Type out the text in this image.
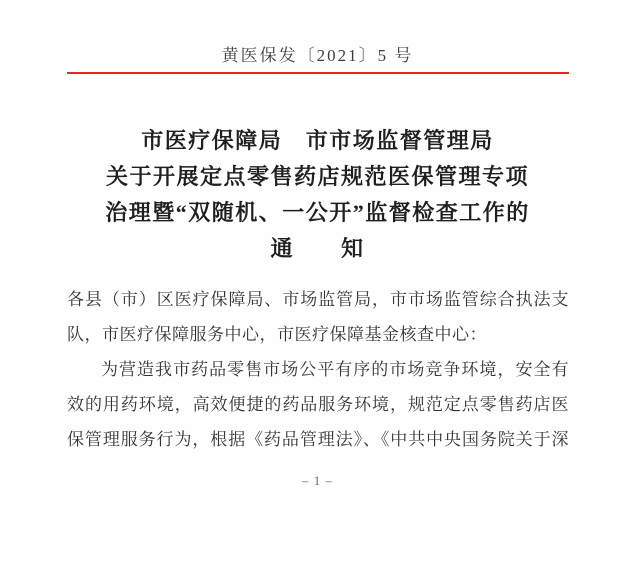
黄医保发〔2021〕5 号
市医疗保障局　市市场监督管理局
关于开展定点零售药店规范医保管理专项
治理暨“双随机、一公开”监督检查工作的
通　　知
各县（市）区医疗保障局、市场监管局，市市场监管综合执法支
队，市医疗保障服务中心，市医疗保障基金核查中心：
为营造我市药品零售市场公平有序的市场竞争环境，安全有
效的用药环境，高效便捷的药品服务环境，规范定点零售药店医
保管理服务行为，根据《药品管理法》、《中共中央国务院关于深
– 1 –
